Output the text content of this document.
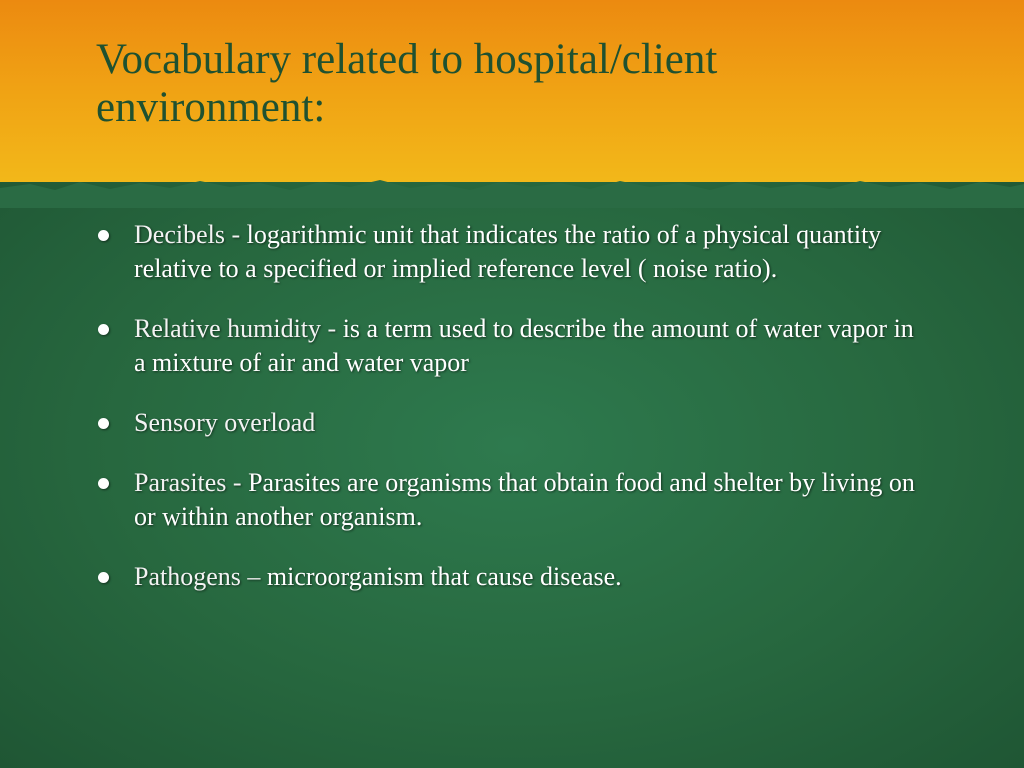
Vocabulary related to hospital/client environment:
Decibels - logarithmic unit that indicates the ratio of a physical quantity relative to a specified or implied reference level ( noise ratio).
Relative humidity - is a term used to describe the amount of water vapor in a mixture of air and water vapor
Sensory overload
Parasites - Parasites are organisms that obtain food and shelter by living on or within another organism.
Pathogens – microorganism that cause disease.
